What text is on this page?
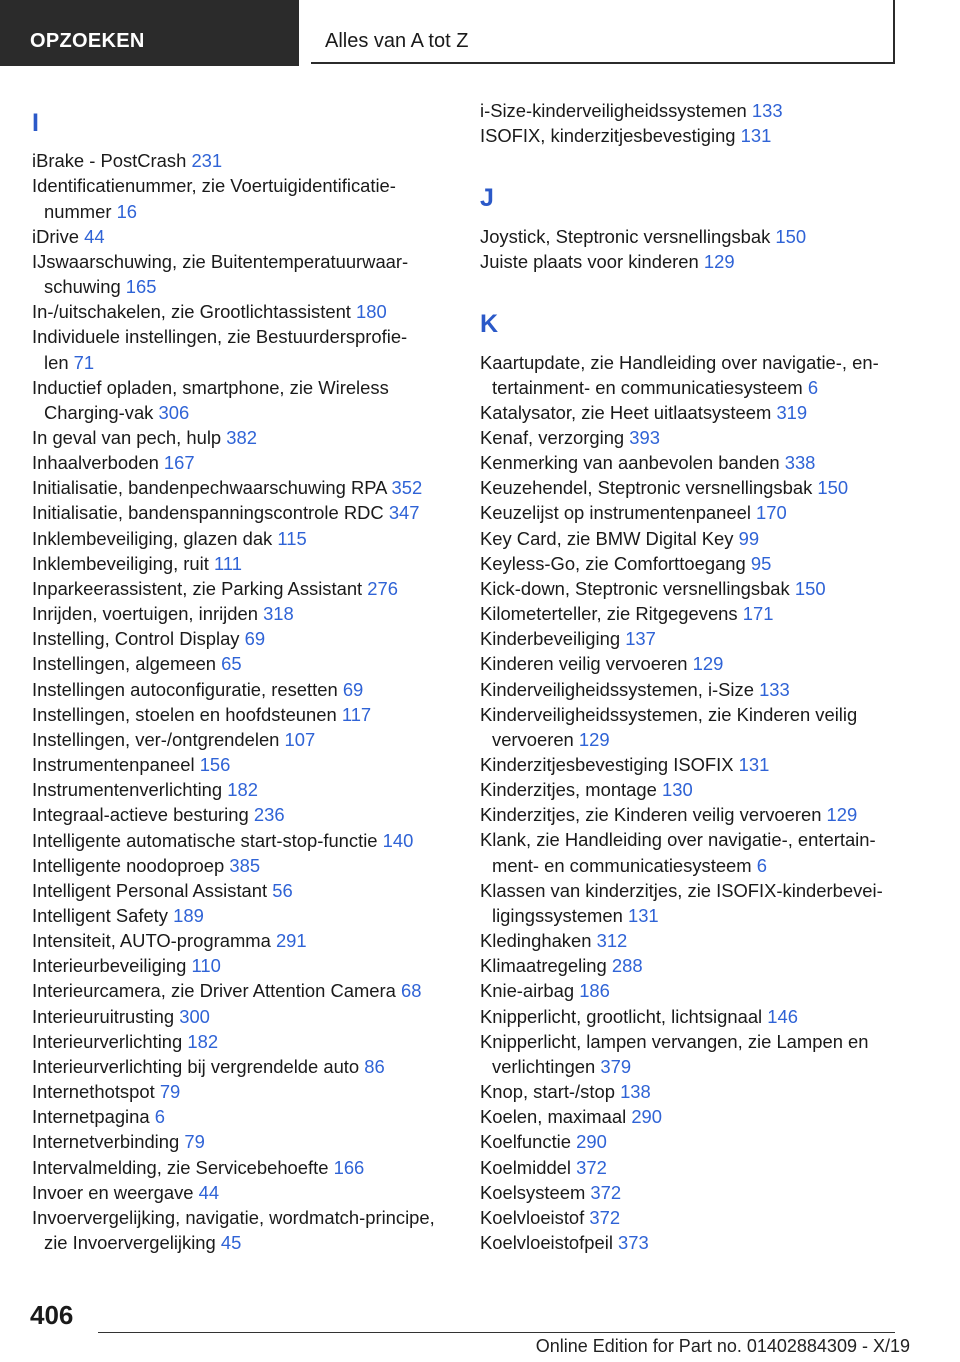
OPZOEKEN	Alles van A tot Z
I
iBrake - PostCrash 231
Identificatienummer, zie Voertuigidentificatie-
nummer 16
iDrive 44
IJswaarschuwing, zie Buitentemperatuurwaar-
schuwing 165
In-/uitschakelen, zie Grootlichtassistent 180
Individuele instellingen, zie Bestuurdersprofie-
len 71
Inductief opladen, smartphone, zie Wireless
Charging-vak 306
In geval van pech, hulp 382
Inhaalverboden 167
Initialisatie, bandenpechwaarschuwing RPA 352
Initialisatie, bandenspanningscontrole RDC 347
Inklembeveiliging, glazen dak 115
Inklembeveiliging, ruit 111
Inparkeerassistent, zie Parking Assistant 276
Inrijden, voertuigen, inrijden 318
Instelling, Control Display 69
Instellingen, algemeen 65
Instellingen autoconfiguratie, resetten 69
Instellingen, stoelen en hoofdsteunen 117
Instellingen, ver-/ontgrendelen 107
Instrumentenpaneel 156
Instrumentenverlichting 182
Integraal-actieve besturing 236
Intelligente automatische start-stop-functie 140
Intelligente noodoproep 385
Intelligent Personal Assistant 56
Intelligent Safety 189
Intensiteit, AUTO-programma 291
Interieurbeveiliging 110
Interieurcamera, zie Driver Attention Camera 68
Interieuruitrusting 300
Interieurverlichting 182
Interieurverlichting bij vergrendelde auto 86
Internethotspot 79
Internetpagina 6
Internetverbinding 79
Intervalmelding, zie Servicebehoefte 166
Invoer en weergave 44
Invoervergelijking, navigatie, wordmatch-principe,
zie Invoervergelijking 45
i-Size-kinderveiligheidssystemen 133
ISOFIX, kinderzitjesbevestiging 131
J
Joystick, Steptronic versnellingsbak 150
Juiste plaats voor kinderen 129
K
Kaartupdate, zie Handleiding over navigatie-, en-
tertainment- en communicatiesysteem 6
Katalysator, zie Heet uitlaatsysteem 319
Kenaf, verzorging 393
Kenmerking van aanbevolen banden 338
Keuzehendel, Steptronic versnellingsbak 150
Keuzelijst op instrumentenpaneel 170
Key Card, zie BMW Digital Key 99
Keyless-Go, zie Comforttoegang 95
Kick-down, Steptronic versnellingsbak 150
Kilometerteller, zie Ritgegevens 171
Kinderbeveiliging 137
Kinderen veilig vervoeren 129
Kinderveiligheidssystemen, i-Size 133
Kinderveiligheidssystemen, zie Kinderen veilig
vervoeren 129
Kinderzitjesbevestiging ISOFIX 131
Kinderzitjes, montage 130
Kinderzitjes, zie Kinderen veilig vervoeren 129
Klank, zie Handleiding over navigatie-, entertain-
ment- en communicatiesysteem 6
Klassen van kinderzitjes, zie ISOFIX-kinderbevei-
ligingssystemen 131
Kledinghaken 312
Klimaatregeling 288
Knie-airbag 186
Knipperlicht, grootlicht, lichtsignaal 146
Knipperlicht, lampen vervangen, zie Lampen en
verlichtingen 379
Knop, start-/stop 138
Koelen, maximaal 290
Koelfunctie 290
Koelmiddel 372
Koelsysteem 372
Koelvloeistof 372
Koelvloeistofpeil 373
406
Online Edition for Part no. 01402884309 - X/19
